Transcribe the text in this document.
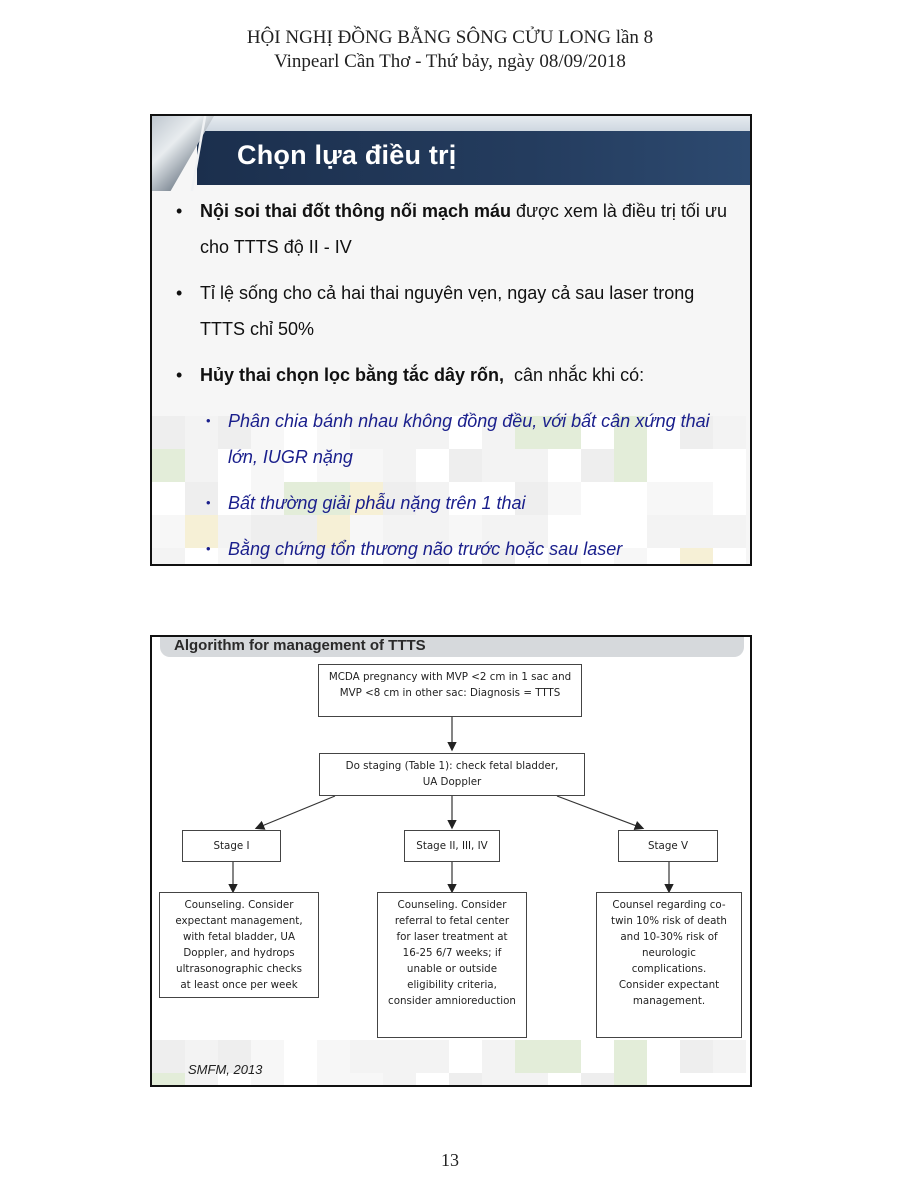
HỘI NGHỊ ĐỒNG BẰNG SÔNG CỬU LONG lần 8
Vinpearl Cần Thơ - Thứ bảy, ngày 08/09/2018
Chọn lựa điều trị
• Nội soi thai đốt thông nối mạch máu được xem là điều trị tối ưu cho TTTS độ II - IV
• Tỉ lệ sống cho cả hai thai nguyên vẹn, ngay cả sau laser trong TTTS chỉ 50%
• Hủy thai chọn lọc bằng tắc dây rốn,  cân nhắc khi có:
• Phân chia bánh nhau không đồng đều, với bất cân xứng thai lớn, IUGR nặng
• Bất thường giải phẫu nặng trên 1 thai
• Bằng chứng tổn thương não trước hoặc sau laser
Algorithm for management of TTTS
MCDA pregnancy with MVP <2 cm in 1 sac and
MVP <8 cm in other sac: Diagnosis = TTTS
Do staging (Table 1): check fetal bladder,
UA Doppler
Stage I	Stage II, III, IV	Stage V
Counseling. Consider
expectant management,
with fetal bladder, UA
Doppler, and hydrops
ultrasonographic checks
at least once per week
Counseling. Consider
referral to fetal center
for laser treatment at
16-25 6/7 weeks; if
unable or outside
eligibility criteria,
consider amnioreduction
Counsel regarding co-
twin 10% risk of death
and 10-30% risk of
neurologic
complications.
Consider expectant
management.
SMFM, 2013
13
